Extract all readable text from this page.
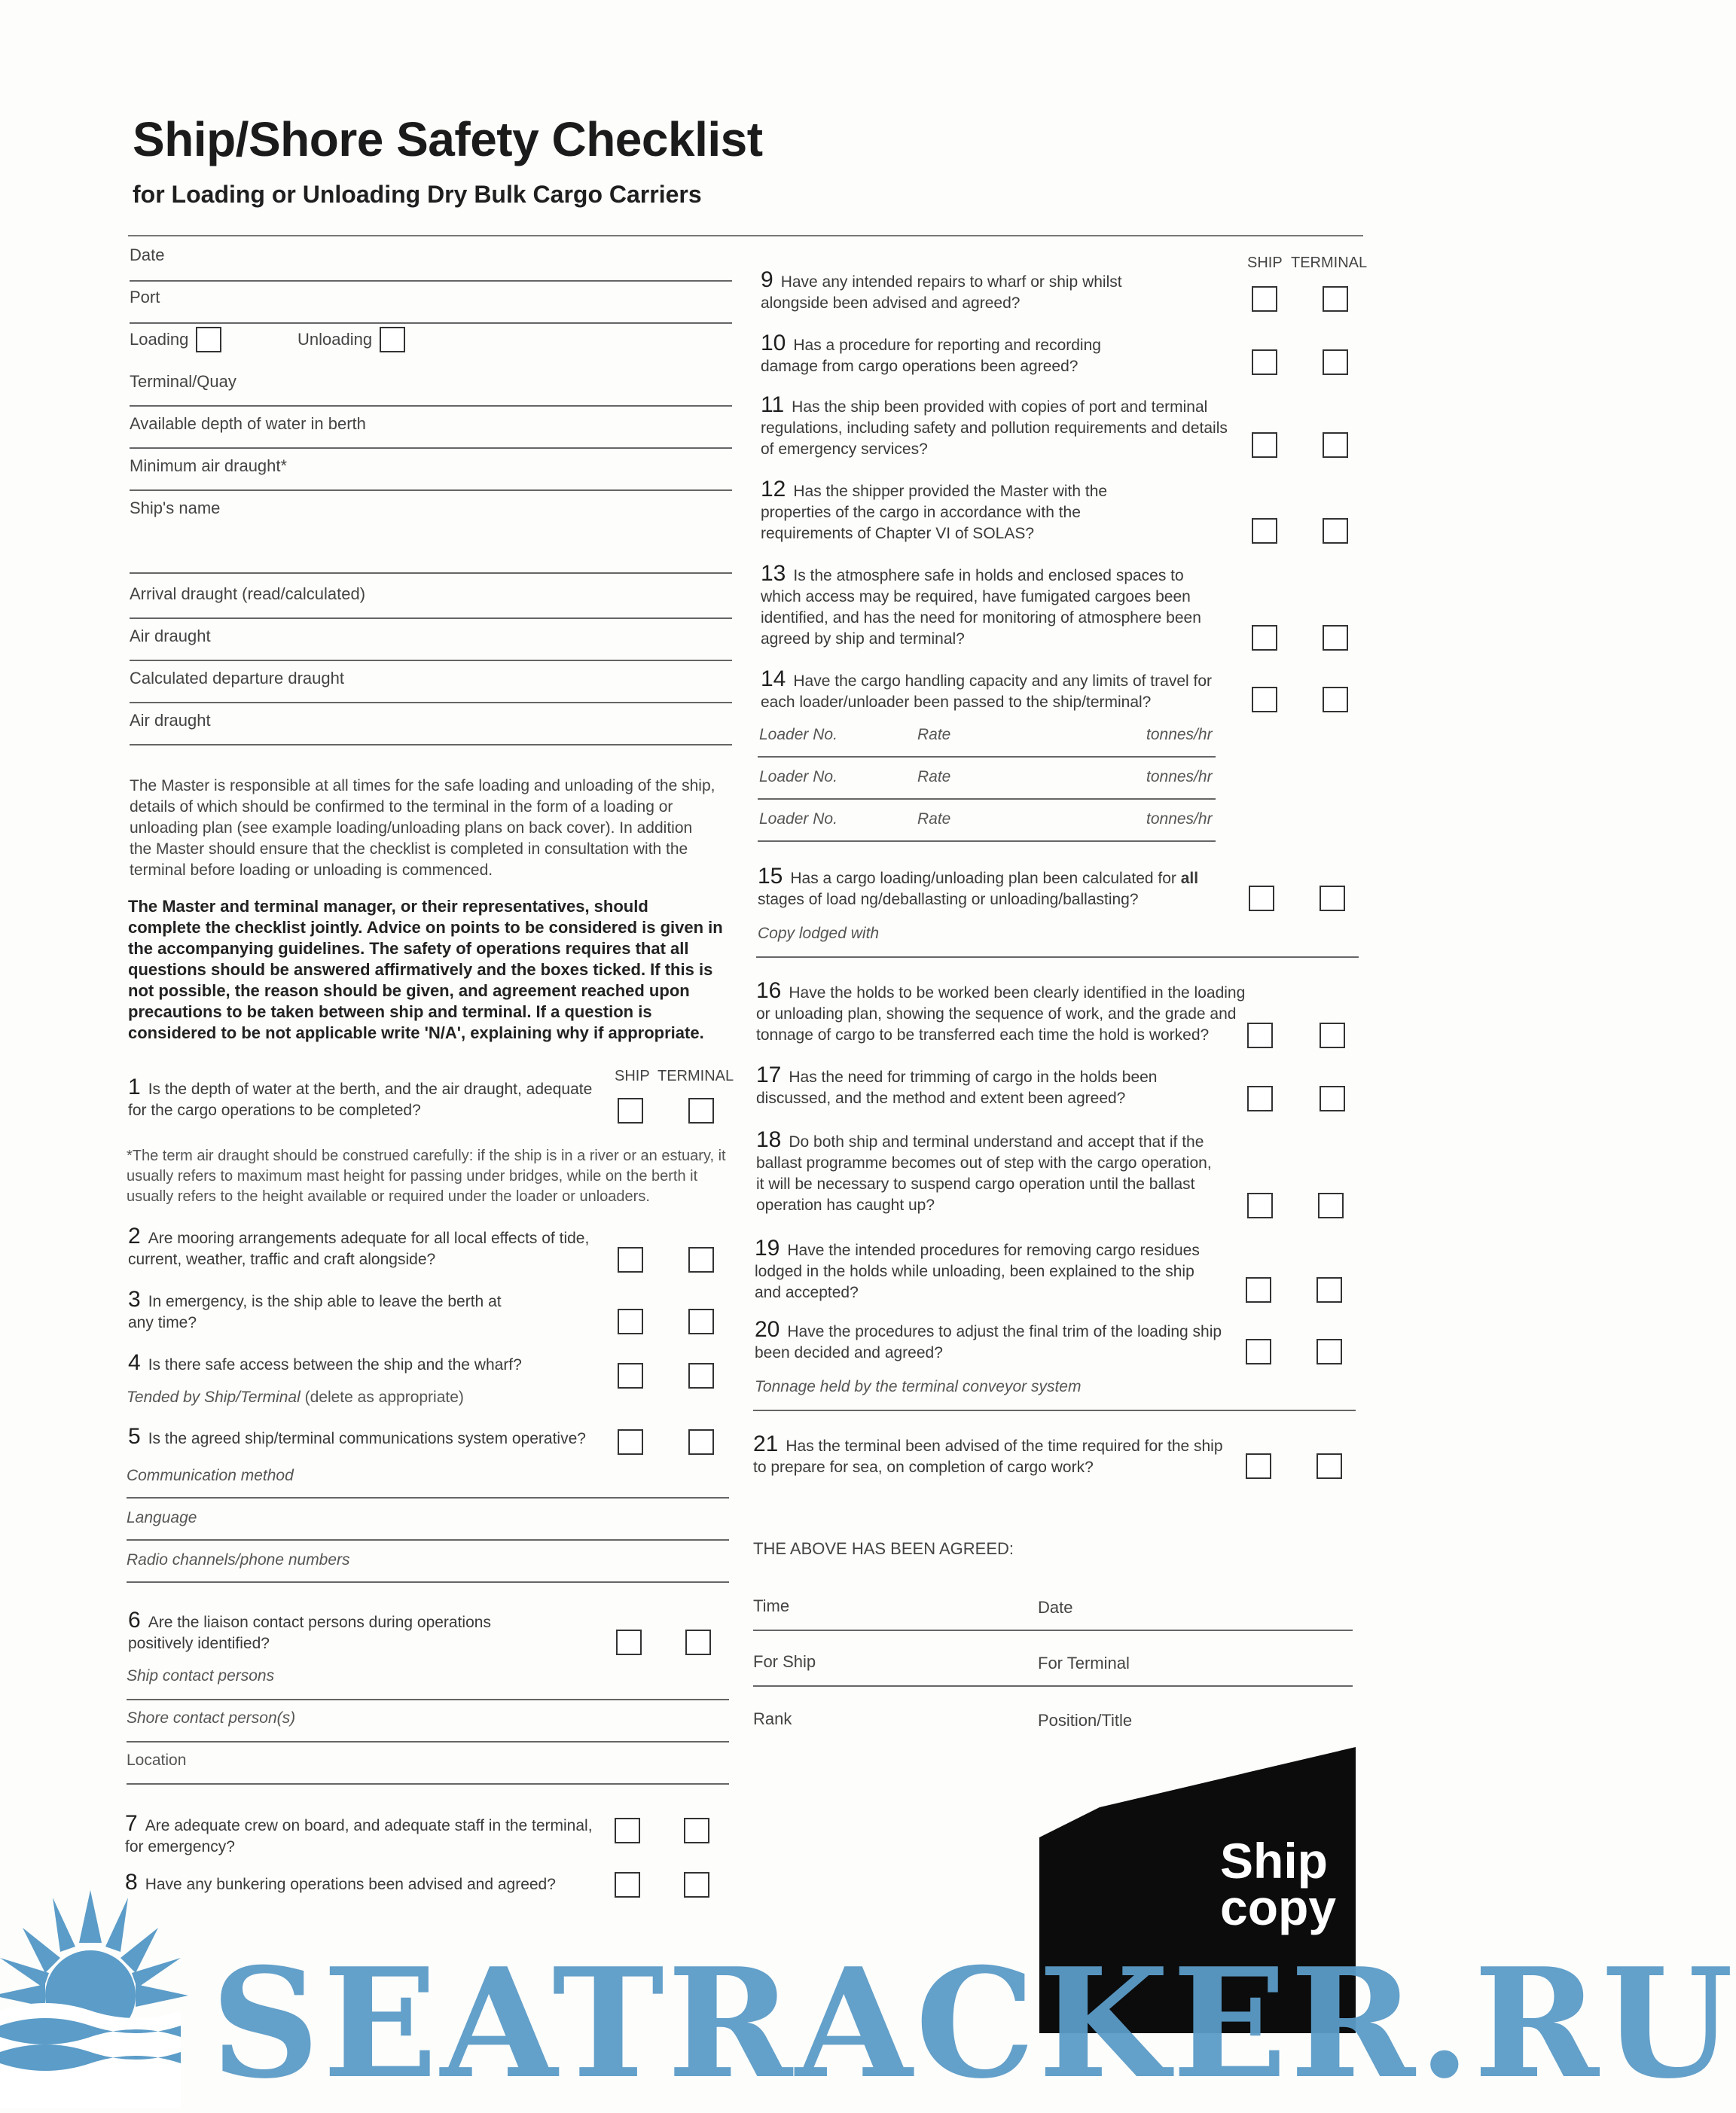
Ship/Shore Safety Checklist
for Loading or Unloading Dry Bulk Cargo Carriers
Date
Port
Loading	Unloading
Terminal/Quay
Available depth of water in berth
Minimum air draught*
Ship's name
Arrival draught (read/calculated)
Air draught
Calculated departure draught
Air draught
The Master is responsible at all times for the safe loading and unloading of the ship, details of which should be confirmed to the terminal in the form of a loading or unloading plan (see example loading/unloading plans on back cover). In addition the Master should ensure that the checklist is completed in consultation with the terminal before loading or unloading is commenced.
The Master and terminal manager, or their representatives, should complete the checklist jointly. Advice on points to be considered is given in the accompanying guidelines. The safety of operations requires that all questions should be answered affirmatively and the boxes ticked. If this is not possible, the reason should be given, and agreement reached upon precautions to be taken between ship and terminal. If a question is considered to be not applicable write 'N/A', explaining why if appropriate.
SHIP TERMINAL
1 Is the depth of water at the berth, and the air draught, adequate for the cargo operations to be completed?
*The term air draught should be construed carefully: if the ship is in a river or an estuary, it usually refers to maximum mast height for passing under bridges, while on the berth it usually refers to the height available or required under the loader or unloaders.
2 Are mooring arrangements adequate for all local effects of tide, current, weather, traffic and craft alongside?
3 In emergency, is the ship able to leave the berth at any time?
4 Is there safe access between the ship and the wharf?
Tended by Ship/Terminal (delete as appropriate)
5 Is the agreed ship/terminal communications system operative?
Communication method
Language
Radio channels/phone numbers
6 Are the liaison contact persons during operations positively identified?
Ship contact persons
Shore contact person(s)
Location
7 Are adequate crew on board, and adequate staff in the terminal, for emergency?
8 Have any bunkering operations been advised and agreed?
SHIP TERMINAL
9 Have any intended repairs to wharf or ship whilst alongside been advised and agreed?
10 Has a procedure for reporting and recording damage from cargo operations been agreed?
11 Has the ship been provided with copies of port and terminal regulations, including safety and pollution requirements and details of emergency services?
12 Has the shipper provided the Master with the properties of the cargo in accordance with the requirements of Chapter VI of SOLAS?
13 Is the atmosphere safe in holds and enclosed spaces to which access may be required, have fumigated cargoes been identified, and has the need for monitoring of atmosphere been agreed by ship and terminal?
14 Have the cargo handling capacity and any limits of travel for each loader/unloader been passed to the ship/terminal?
Loader No.	Rate	tonnes/hr
Loader No.	Rate	tonnes/hr
Loader No.	Rate	tonnes/hr
15 Has a cargo loading/unloading plan been calculated for all stages of load ng/deballasting or unloading/ballasting?
Copy lodged with
16 Have the holds to be worked been clearly identified in the loading or unloading plan, showing the sequence of work, and the grade and tonnage of cargo to be transferred each time the hold is worked?
17 Has the need for trimming of cargo in the holds been discussed, and the method and extent been agreed?
18 Do both ship and terminal understand and accept that if the ballast programme becomes out of step with the cargo operation, it will be necessary to suspend cargo operation until the ballast operation has caught up?
19 Have the intended procedures for removing cargo residues lodged in the holds while unloading, been explained to the ship and accepted?
20 Have the procedures to adjust the final trim of the loading ship been decided and agreed?
Tonnage held by the terminal conveyor system
21 Has the terminal been advised of the time required for the ship to prepare for sea, on completion of cargo work?
THE ABOVE HAS BEEN AGREED:
Time	Date
For Ship	For Terminal
Rank	Position/Title
Ship
copy
SEATRACKER.RU
